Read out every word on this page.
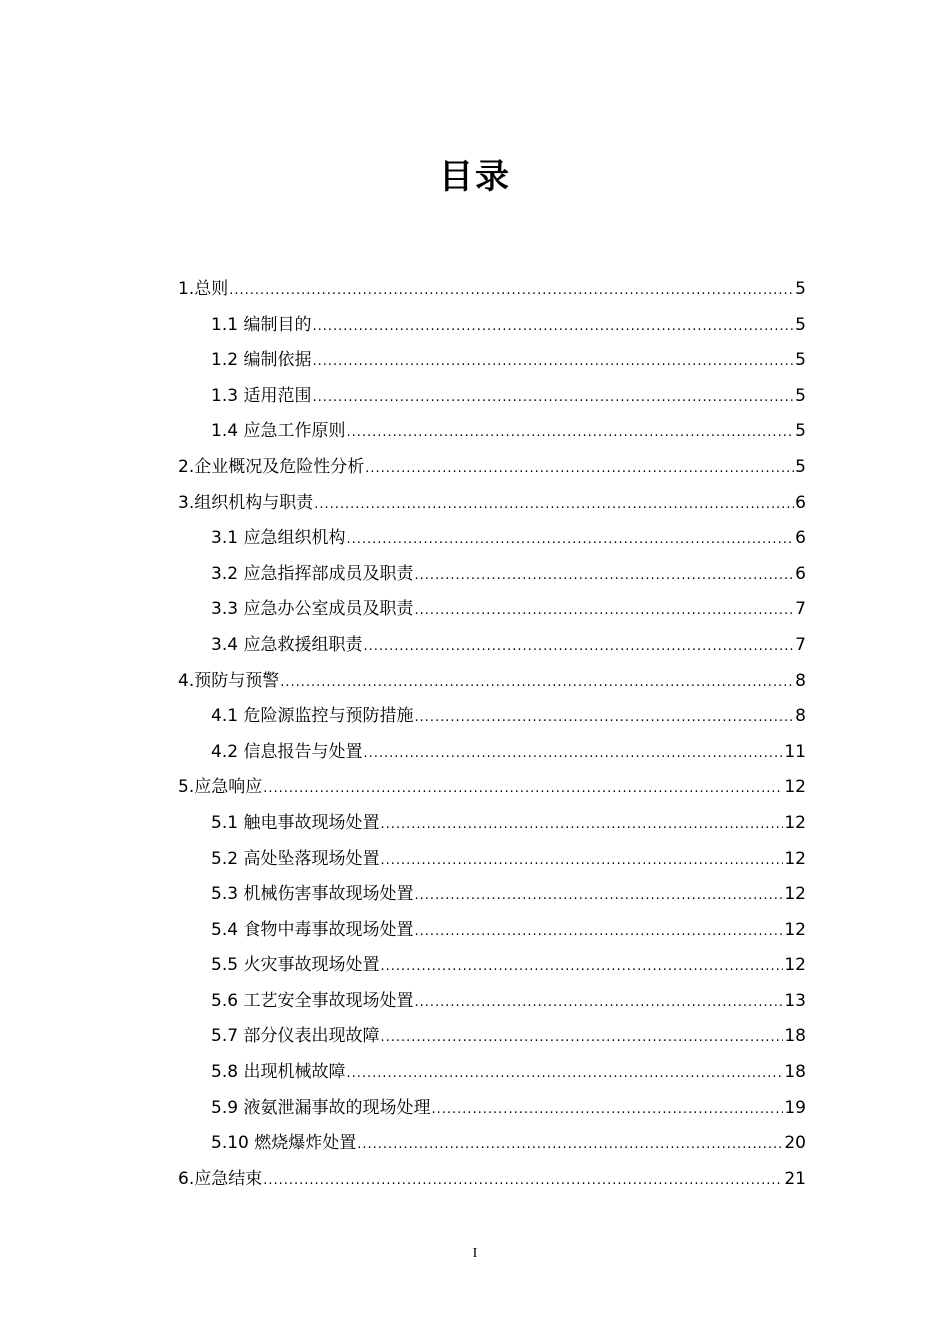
目录
1.总则 .....	5
1.1 编制目的 .....	5
1.2 编制依据 .....	5
1.3 适用范围 .....	5
1.4 应急工作原则 .....	5
2.企业概况及危险性分析 .....	5
3.组织机构与职责 .....	6
3.1 应急组织机构 .....	6
3.2 应急指挥部成员及职责 .....	6
3.3 应急办公室成员及职责 .....	7
3.4 应急救援组职责 .....	7
4.预防与预警 .....	8
4.1 危险源监控与预防措施 .....	8
4.2 信息报告与处置 .....	11
5.应急响应 .....	12
5.1 触电事故现场处置 .....	12
5.2 高处坠落现场处置 .....	12
5.3 机械伤害事故现场处置 .....	12
5.4 食物中毒事故现场处置 .....	12
5.5 火灾事故现场处置 .....	12
5.6 工艺安全事故现场处置 .....	13
5.7 部分仪表出现故障 .....	18
5.8 出现机械故障 .....	18
5.9 液氨泄漏事故的现场处理 .....	19
5.10 燃烧爆炸处置 .....	20
6.应急结束 .....	21
I
